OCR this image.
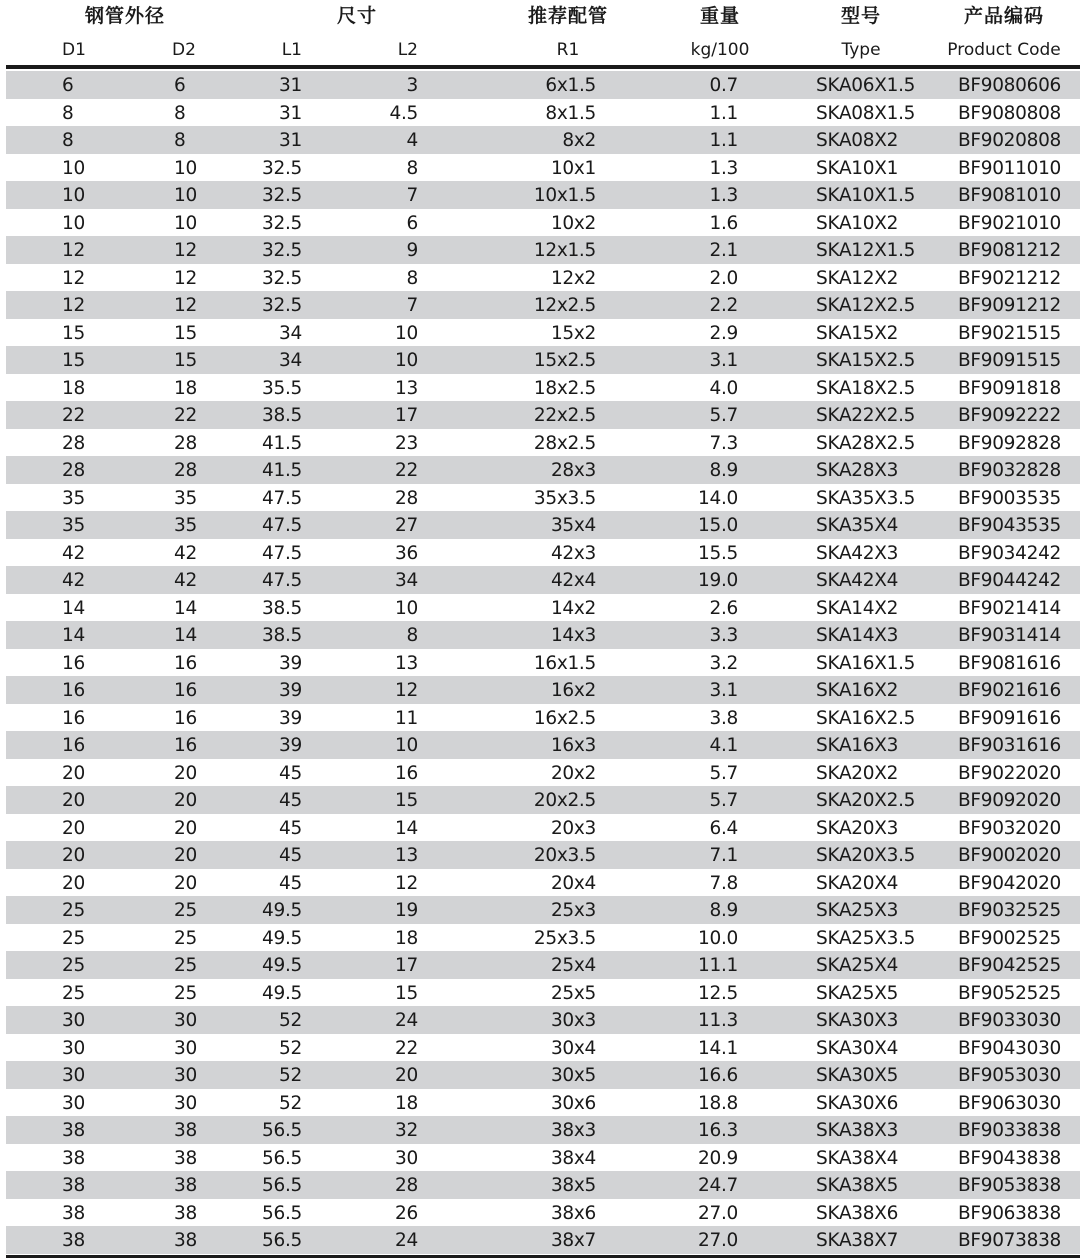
钢管外径	尺寸	推荐配管	重量	型号	产品编码
D1	D2	L1	L2	R1	kg/100	Type	Product Code
6	6	31	3	6x1.5	0.7	SKA06X1.5 BF9080606
8	8	31	4.5	8x1.5	1.1	SKA08X1.5 BF9080808
8	8	31	4	8x2	1.1	SKA08X2	BF9020808
10	10	32.5	8	10x1	1.3	SKA10X1	BF9011010
10	10	32.5	7	10x1.5	1.3	SKA10X1.5 BF9081010
10	10	32.5	6	10x2	1.6	SKA10X2	BF9021010
12	12	32.5	9	12x1.5	2.1	SKA12X1.5 BF9081212
12	12	32.5	8	12x2	2.0	SKA12X2	BF9021212
12	12	32.5	7	12x2.5	2.2	SKA12X2.5 BF9091212
15	15	34	10	15x2	2.9	SKA15X2	BF9021515
15	15	34	10	15x2.5	3.1	SKA15X2.5 BF9091515
18	18	35.5	13	18x2.5	4.0	SKA18X2.5 BF9091818
22	22	38.5	17	22x2.5	5.7	SKA22X2.5 BF9092222
28	28	41.5	23	28x2.5	7.3	SKA28X2.5 BF9092828
28	28	41.5	22	28x3	8.9	SKA28X3	BF9032828
35	35	47.5	28	35x3.5	14.0	SKA35X3.5 BF9003535
35	35	47.5	27	35x4	15.0	SKA35X4	BF9043535
42	42	47.5	36	42x3	15.5	SKA42X3	BF9034242
42	42	47.5	34	42x4	19.0	SKA42X4	BF9044242
14	14	38.5	10	14x2	2.6	SKA14X2	BF9021414
14	14	38.5	8	14x3	3.3	SKA14X3	BF9031414
16	16	39	13	16x1.5	3.2	SKA16X1.5 BF9081616
16	16	39	12	16x2	3.1	SKA16X2	BF9021616
16	16	39	11	16x2.5	3.8	SKA16X2.5 BF9091616
16	16	39	10	16x3	4.1	SKA16X3	BF9031616
20	20	45	16	20x2	5.7	SKA20X2	BF9022020
20	20	45	15	20x2.5	5.7	SKA20X2.5 BF9092020
20	20	45	14	20x3	6.4	SKA20X3	BF9032020
20	20	45	13	20x3.5	7.1	SKA20X3.5 BF9002020
20	20	45	12	20x4	7.8	SKA20X4	BF9042020
25	25	49.5	19	25x3	8.9	SKA25X3	BF9032525
25	25	49.5	18	25x3.5	10.0	SKA25X3.5 BF9002525
25	25	49.5	17	25x4	11.1	SKA25X4	BF9042525
25	25	49.5	15	25x5	12.5	SKA25X5	BF9052525
30	30	52	24	30x3	11.3	SKA30X3	BF9033030
30	30	52	22	30x4	14.1	SKA30X4	BF9043030
30	30	52	20	30x5	16.6	SKA30X5	BF9053030
30	30	52	18	30x6	18.8	SKA30X6	BF9063030
38	38	56.5	32	38x3	16.3	SKA38X3	BF9033838
38	38	56.5	30	38x4	20.9	SKA38X4	BF9043838
38	38	56.5	28	38x5	24.7	SKA38X5	BF9053838
38	38	56.5	26	38x6	27.0	SKA38X6	BF9063838
38	38	56.5	24	38x7	27.0	SKA38X7	BF9073838
